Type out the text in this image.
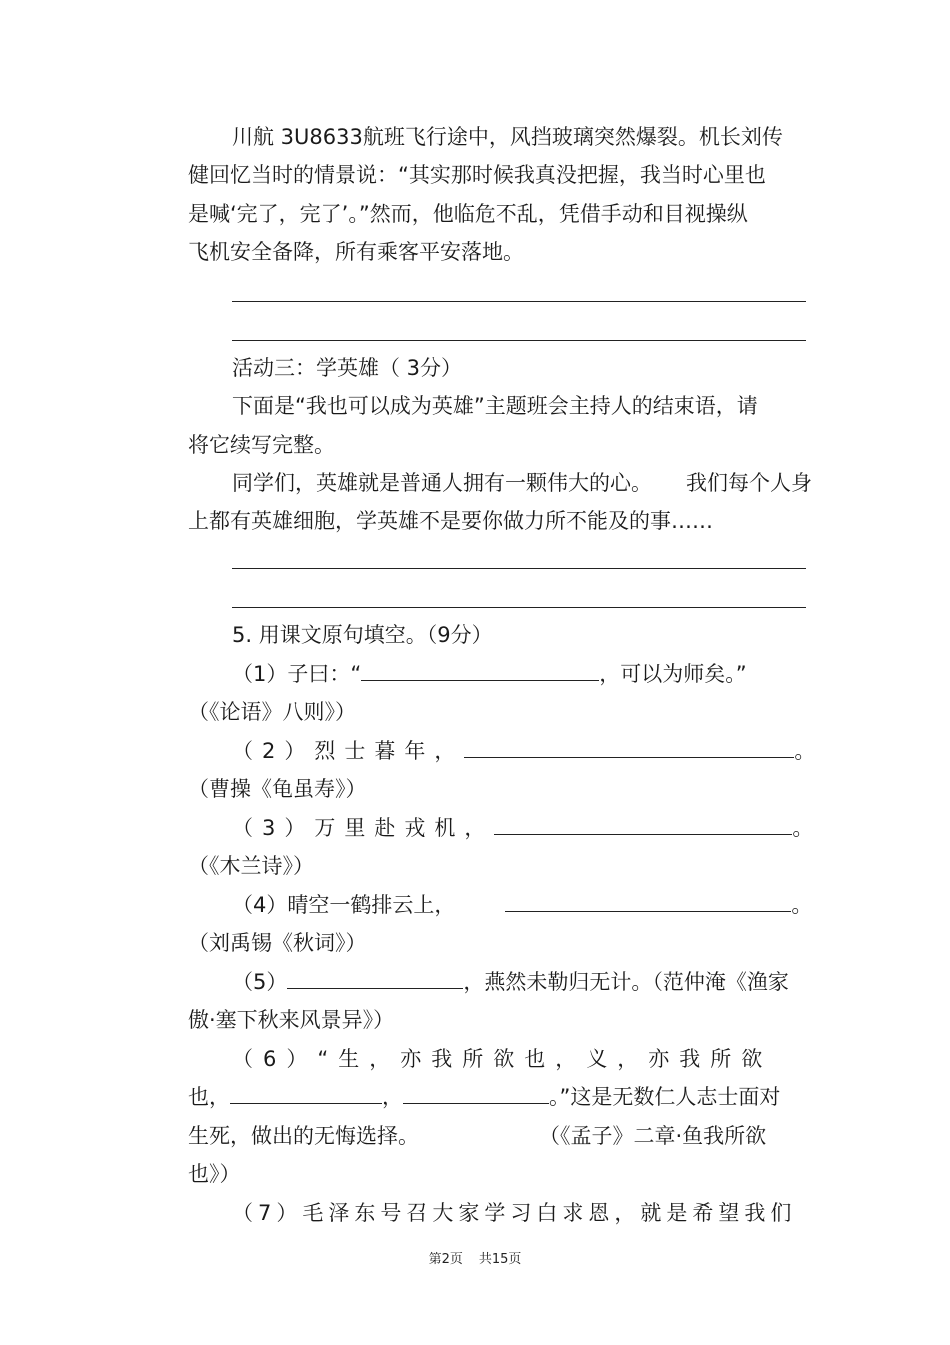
川航 3U8633航班飞行途中，风挡玻璃突然爆裂。机长刘传
健回忆当时的情景说：“其实那时候我真没把握，我当时心里也
是喊‘完了，完了’。”然而，他临危不乱，凭借手动和目视操纵
飞机安全备降，所有乘客平安落地。
活动三：学英雄（ 3分）
下面是“我也可以成为英雄”主题班会主持人的结束语，请
将它续写完整。
同学们，英雄就是普通人拥有一颗伟大的心。 我们每个人身
上都有英雄细胞，学英雄不是要你做力所不能及的事……
5. 用课文原句填空。（9分）
（1）子曰：“	，可以为师矣。”
（《论语》八则》）
（2）烈士暮年，	。
（曹操《龟虽寿》）
（3）万里赴戎机，	。
（《木兰诗》）
（4）晴空一鹤排云上，	。
（刘禹锡《秋词》）
（5）	，燕然未勒归无计。（范仲淹《渔家
傲·塞下秋来风景异》）
（6）“生，亦我所欲也，义，亦我所欲
也，	，	。”这是无数仁人志士面对
生死，做出的无悔选择。	（《孟子》二章·鱼我所欲
也》）
（7）毛泽东号召大家学习白求恩，就是希望我们
第2页 共15页
